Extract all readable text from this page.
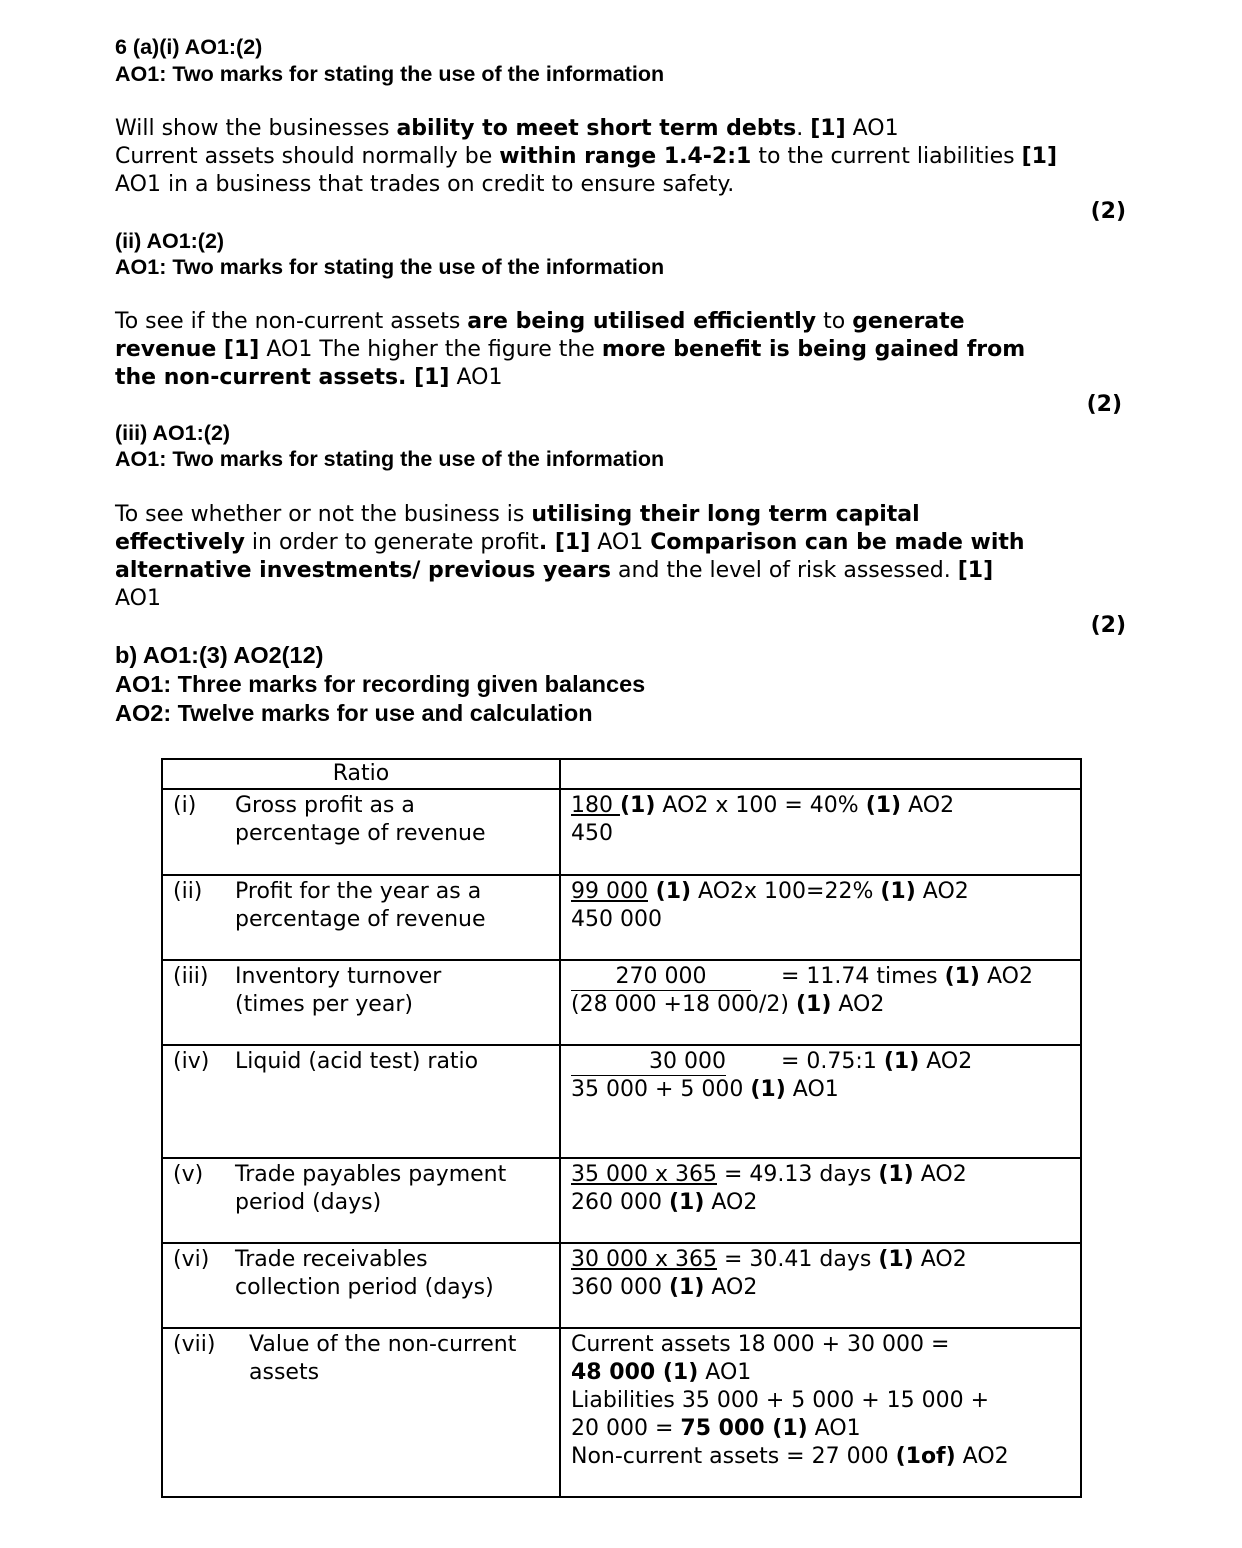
6 (a)(i) AO1:(2)
AO1: Two marks for stating the use of the information
Will show the businesses ability to meet short term debts. [1] AO1
Current assets should normally be within range 1.4-2:1 to the current liabilities [1]
AO1 in a business that trades on credit to ensure safety.
(2)
(ii) AO1:(2)
AO1: Two marks for stating the use of the information
To see if the non-current assets are being utilised efficiently to generate
revenue [1] AO1 The higher the figure the more benefit is being gained from
the non-current assets. [1] AO1
(2)
(iii) AO1:(2)
AO1: Two marks for stating the use of the information
To see whether or not the business is utilising their long term capital
effectively in order to generate profit. [1] AO1 Comparison can be made with
alternative investments/ previous years and the level of risk assessed. [1]
AO1
(2)
b) AO1:(3) AO2(12)
AO1: Three marks for recording given balances
AO2: Twelve marks for use and calculation
Ratio	

(i) Gross profit as a
percentage of revenue	180 (1) AO2 x 100 = 40% (1) AO2
450

(ii) Profit for the year as a
percentage of revenue	99 000 (1) AO2x 100=22% (1) AO2
450 000

(iii) Inventory turnover
(times per year)	270 000 = 11.74 times (1) AO2
(28 000 +18 000/2) (1) AO2

(iv) Liquid (acid test) ratio	30 000 = 0.75:1 (1) AO2
35 000 + 5 000 (1) AO1

(v) Trade payables payment
period (days)	35 000 x 365 = 49.13 days (1) AO2
260 000 (1) AO2

(vi) Trade receivables
collection period (days)	30 000 x 365 = 30.41 days (1) AO2
360 000 (1) AO2

(vii) Value of the non-current
assets	Current assets 18 000 + 30 000 =
48 000 (1) AO1
Liabilities 35 000 + 5 000 + 15 000 +
20 000 = 75 000 (1) AO1
Non-current assets = 27 000 (1of) AO2
